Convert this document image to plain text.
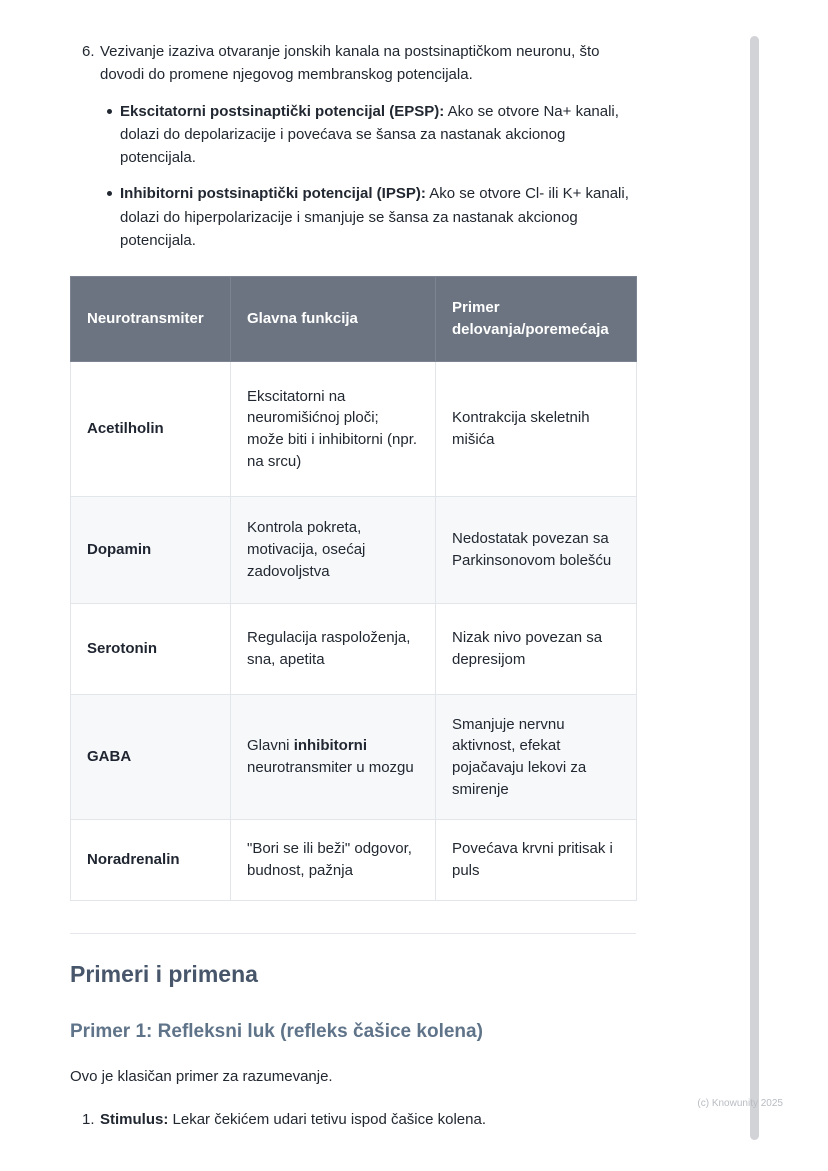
6. Vezivanje izaziva otvaranje jonskih kanala na postsinaptičkom neuronu, što dovodi do promene njegovog membranskog potencijala.
Ekscitatorni postsinaptički potencijal (EPSP): Ako se otvore Na+ kanali, dolazi do depolarizacije i povećava se šansa za nastanak akcionog potencijala.
Inhibitorni postsinaptički potencijal (IPSP): Ako se otvore Cl- ili K+ kanali, dolazi do hiperpolarizacije i smanjuje se šansa za nastanak akcionog potencijala.
Neurotransmiter	Glavna funkcija	Primer delovanja/poremećaja
Acetilholin	Ekscitatorni na neuromišićnoj ploči; može biti i inhibitorni (npr. na srcu)	Kontrakcija skeletnih mišića
Dopamin	Kontrola pokreta, motivacija, osećaj zadovoljstva	Nedostatak povezan sa Parkinsonovom bolešću
Serotonin	Regulacija raspoloženja, sna, apetita	Nizak nivo povezan sa depresijom
GABA	Glavni inhibitorni neurotransmiter u mozgu	Smanjuje nervnu aktivnost, efekat pojačavaju lekovi za smirenje
Noradrenalin	"Bori se ili beži" odgovor, budnost, pažnja	Povećava krvni pritisak i puls
Primeri i primena
Primer 1: Refleksni luk (refleks čašice kolena)

Ovo je klasičan primer za razumevanje.

1. Stimulus: Lekar čekićem udari tetivu ispod čašice kolena.
(c) Knowunity 2025
